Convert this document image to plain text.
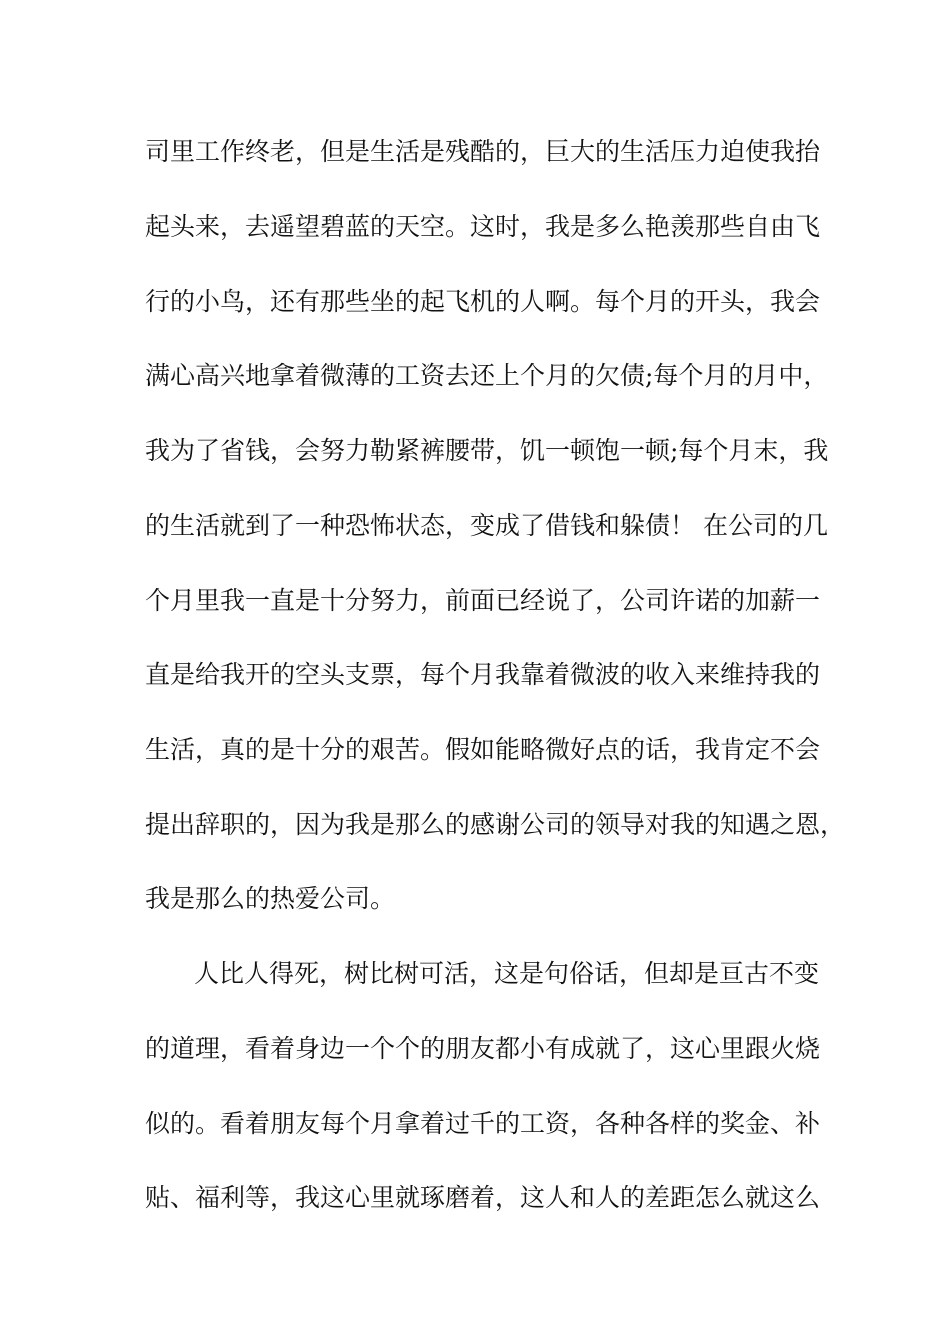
司里工作终老，但是生活是残酷的，巨大的生活压力迫使我抬
起头来，去遥望碧蓝的天空。这时，我是多么艳羡那些自由飞
行的小鸟，还有那些坐的起飞机的人啊。每个月的开头，我会
满心高兴地拿着微薄的工资去还上个月的欠债;每个月的月中，
我为了省钱，会努力勒紧裤腰带，饥一顿饱一顿;每个月末，我
的生活就到了一种恐怖状态，变成了借钱和躲债！ 在公司的几
个月里我一直是十分努力，前面已经说了，公司许诺的加薪一
直是给我开的空头支票，每个月我靠着微波的收入来维持我的
生活，真的是十分的艰苦。假如能略微好点的话，我肯定不会
提出辞职的，因为我是那么的感谢公司的领导对我的知遇之恩，
我是那么的热爱公司。
人比人得死，树比树可活，这是句俗话，但却是亘古不变
的道理，看着身边一个个的朋友都小有成就了，这心里跟火烧
似的。看着朋友每个月拿着过千的工资，各种各样的奖金、补
贴、福利等，我这心里就琢磨着，这人和人的差距怎么就这么
